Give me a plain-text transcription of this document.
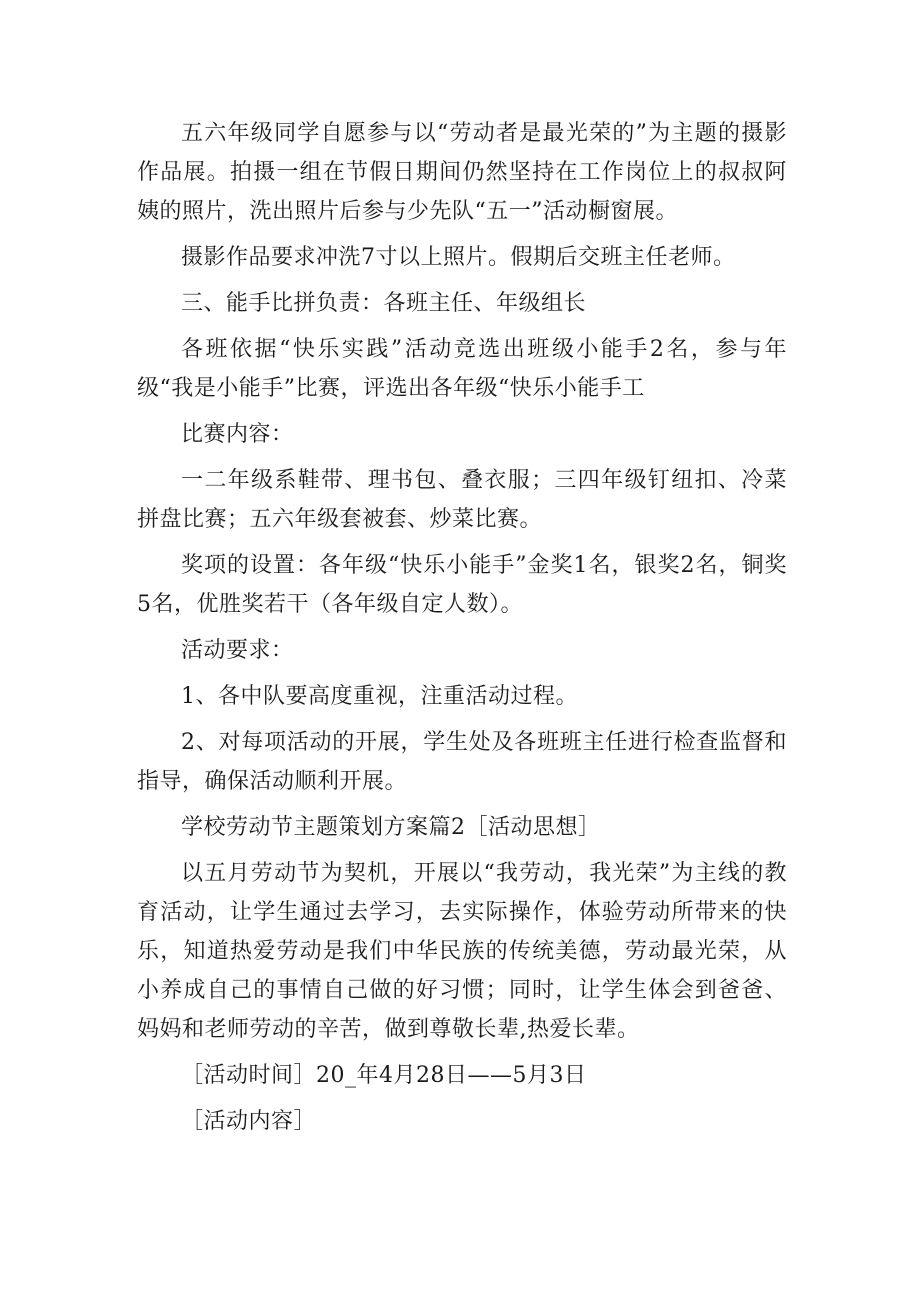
五六年级同学自愿参与以“劳动者是最光荣的”为主题的摄影作品展。拍摄一组在节假日期间仍然坚持在工作岗位上的叔叔阿姨的照片，洗出照片后参与少先队“五一”活动橱窗展。

摄影作品要求冲洗7寸以上照片。假期后交班主任老师。

三、能手比拼负责：各班主任、年级组长

各班依据“快乐实践”活动竞选出班级小能手2名，参与年级“我是小能手”比赛，评选出各年级“快乐小能手工

比赛内容：

一二年级系鞋带、理书包、叠衣服；三四年级钉纽扣、冷菜拼盘比赛；五六年级套被套、炒菜比赛。

奖项的设置：各年级“快乐小能手”金奖1名，银奖2名，铜奖5名，优胜奖若干（各年级自定人数）。

活动要求：

1、各中队要高度重视，注重活动过程。

2、对每项活动的开展，学生处及各班班主任进行检查监督和指导，确保活动顺利开展。

学校劳动节主题策划方案篇2［活动思想］

以五月劳动节为契机，开展以“我劳动，我光荣”为主线的教育活动，让学生通过去学习，去实际操作，体验劳动所带来的快乐，知道热爱劳动是我们中华民族的传统美德，劳动最光荣，从小养成自己的事情自己做的好习惯；同时，让学生体会到爸爸、妈妈和老师劳动的辛苦，做到尊敬长辈,热爱长辈。

［活动时间］20_年4月28日——5月3日

［活动内容］
